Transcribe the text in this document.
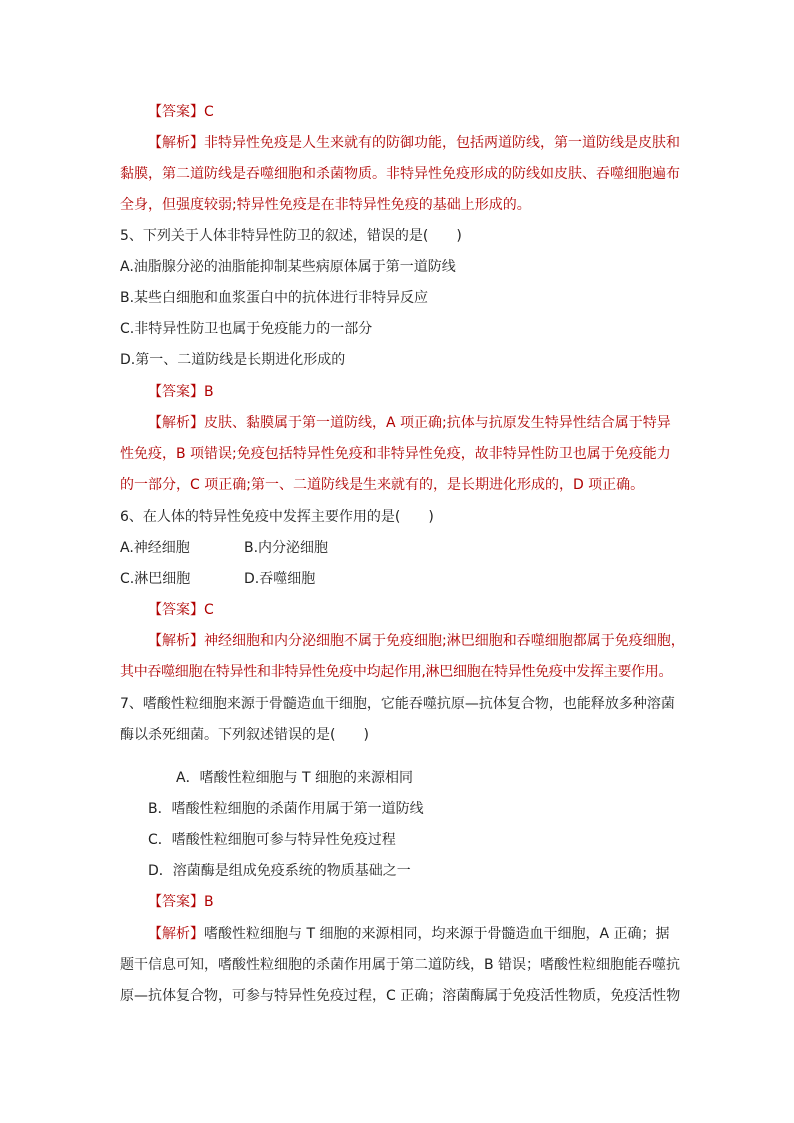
【答案】C
【解析】非特异性免疫是人生来就有的防御功能，包括两道防线，第一道防线是皮肤和
黏膜，第二道防线是吞噬细胞和杀菌物质。非特异性免疫形成的防线如皮肤、吞噬细胞遍布
全身，但强度较弱;特异性免疫是在非特异性免疫的基础上形成的。
5、下列关于人体非特异性防卫的叙述，错误的是(　　)
A.油脂腺分泌的油脂能抑制某些病原体属于第一道防线
B.某些白细胞和血浆蛋白中的抗体进行非特异反应
C.非特异性防卫也属于免疫能力的一部分
D.第一、二道防线是长期进化形成的
【答案】B
【解析】皮肤、黏膜属于第一道防线，A 项正确;抗体与抗原发生特异性结合属于特异
性免疫，B 项错误;免疫包括特异性免疫和非特异性免疫，故非特异性防卫也属于免疫能力
的一部分，C 项正确;第一、二道防线是生来就有的，是长期进化形成的，D 项正确。
6、在人体的特异性免疫中发挥主要作用的是(　　)
A.神经细胞	B.内分泌细胞
C.淋巴细胞	D.吞噬细胞
【答案】C
【解析】神经细胞和内分泌细胞不属于免疫细胞;淋巴细胞和吞噬细胞都属于免疫细胞，
其中吞噬细胞在特异性和非特异性免疫中均起作用,淋巴细胞在特异性免疫中发挥主要作用。
7、嗜酸性粒细胞来源于骨髓造血干细胞，它能吞噬抗原—抗体复合物，也能释放多种溶菌
酶以杀死细菌。下列叙述错误的是(　　)
A．嗜酸性粒细胞与 T 细胞的来源相同
B．嗜酸性粒细胞的杀菌作用属于第一道防线
C．嗜酸性粒细胞可参与特异性免疫过程
D．溶菌酶是组成免疫系统的物质基础之一
【答案】B
【解析】嗜酸性粒细胞与 T 细胞的来源相同，均来源于骨髓造血干细胞，A 正确；据
题干信息可知，嗜酸性粒细胞的杀菌作用属于第二道防线，B 错误；嗜酸性粒细胞能吞噬抗
原—抗体复合物，可参与特异性免疫过程，C 正确；溶菌酶属于免疫活性物质，免疫活性物
